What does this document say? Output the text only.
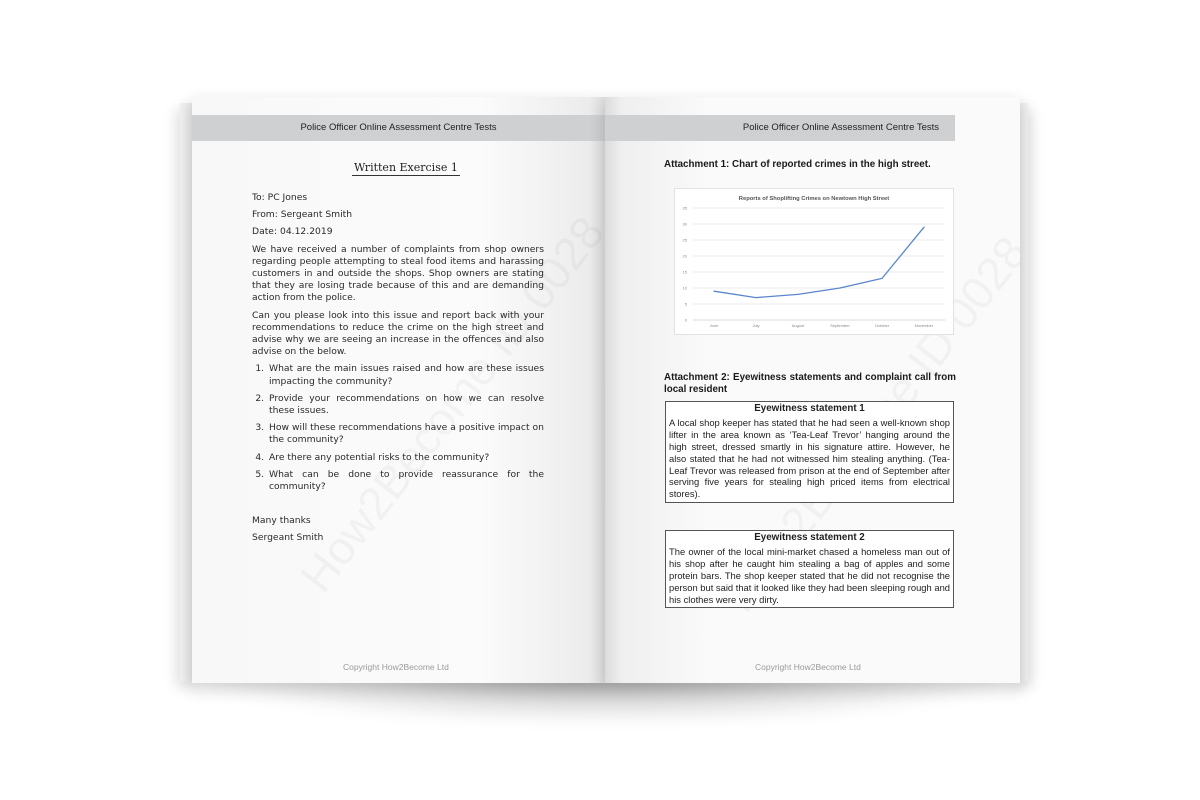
Police Officer Online Assessment Centre Tests
Written Exercise 1
To: PC Jones
From: Sergeant Smith
Date: 04.12.2019

We have received a number of complaints from shop owners regarding people attempting to steal food items and harassing customers in and outside the shops. Shop owners are stating that they are losing trade because of this and are demanding action from the police.

Can you please look into this issue and report back with your recommendations to reduce the crime on the high street and advise why we are seeing an increase in the offences and also advise on the below.

1. What are the main issues raised and how are these issues impacting the community?
2. Provide your recommendations on how we can resolve these issues.
3. How will these recommendations have a positive impact on the community?
4. Are there any potential risks to the community?
5. What can be done to provide reassurance for the community?
Many thanks
Sergeant Smith
Copyright How2Become Ltd
Police Officer Online Assessment Centre Tests
Attachment 1: Chart of reported crimes in the high street.
Reports of Shoplifting Crimes on Newtown High Street
0
5
10
15
20
25
30
35
June	July	August	September	October	November
Attachment 2: Eyewitness statements and complaint call from local resident
Eyewitness statement 1
A local shop keeper has stated that he had seen a well-known shop lifter in the area known as ‘Tea-Leaf Trevor’ hanging around the high street, dressed smartly in his signature attire. However, he also stated that he had not witnessed him stealing anything. (Tea-Leaf Trevor was released from prison at the end of September after serving five years for stealing high priced items from electrical stores).
Eyewitness statement 2
The owner of the local mini-market chased a homeless man out of his shop after he caught him stealing a bag of apples and some protein bars. The shop keeper stated that he did not recognise the person but said that it looked like they had been sleeping rough and his clothes were very dirty.
Copyright How2Become Ltd
